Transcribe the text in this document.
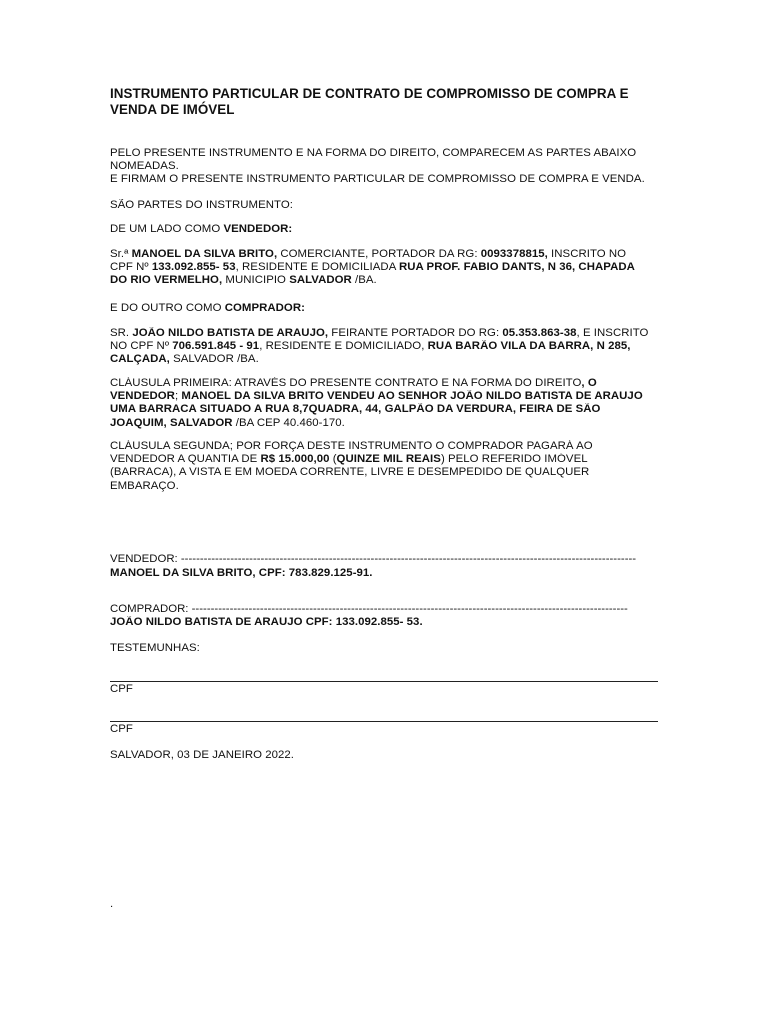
INSTRUMENTO PARTICULAR DE CONTRATO DE COMPROMISSO DE COMPRA E VENDA DE IMÓVEL
PELO PRESENTE INSTRUMENTO E NA FORMA DO DIREITO, COMPARECEM AS PARTES ABAIXO
NOMEADAS.
E FIRMAM O PRESENTE INSTRUMENTO PARTICULAR DE COMPROMISSO DE COMPRA E VENDA.
SÃO PARTES DO INSTRUMENTO:
DE UM LADO COMO VENDEDOR:
Sr.ª MANOEL DA SILVA BRITO, COMERCIANTE, PORTADOR DA RG: 0093378815, INSCRITO NO
CPF Nº 133.092.855- 53, RESIDENTE E DOMICILIADA RUA PROF. FABIO DANTS, N 36, CHAPADA
DO RIO VERMELHO, MUNICIPIO SALVADOR /BA.
E DO OUTRO COMO COMPRADOR:
SR. JOÃO NILDO BATISTA DE ARAUJO, FEIRANTE PORTADOR DO RG: 05.353.863-38, E INSCRITO
NO CPF Nº 706.591.845 - 91, RESIDENTE E DOMICILIADO, RUA BARÃO VILA DA BARRA, N 285,
CALÇADA, SALVADOR /BA.
CLÁUSULA PRIMEIRA: ATRAVÉS DO PRESENTE CONTRATO E NA FORMA DO DIREITO, O
VENDEDOR; MANOEL DA SILVA BRITO VENDEU AO SENHOR JOÃO NILDO BATISTA DE ARAUJO
UMA BARRACA SITUADO A RUA 8,7QUADRA, 44, GALPÃO DA VERDURA, FEIRA DE SÃO
JOAQUIM, SALVADOR /BA CEP 40.460-170.
CLÁUSULA SEGUNDA; POR FORÇA DESTE INSTRUMENTO O COMPRADOR PAGARÁ AO
VENDEDOR A QUANTIA DE R$ 15.000,00 (QUINZE MIL REAIS) PELO REFERIDO IMÓVEL
(BARRACA), A VISTA E EM MOEDA CORRENTE, LIVRE E DESEMPEDIDO DE QUALQUER
EMBARAÇO.
VENDEDOR: ------------------------------------------------------------------------------------------------------------------------
MANOEL DA SILVA BRITO, CPF: 783.829.125-91.
COMPRADOR: -------------------------------------------------------------------------------------------------------------------
JOÃO NILDO BATISTA DE ARAUJO CPF: 133.092.855- 53.
TESTEMUNHAS:
CPF
CPF
SALVADOR, 03 DE JANEIRO 2022.
.
